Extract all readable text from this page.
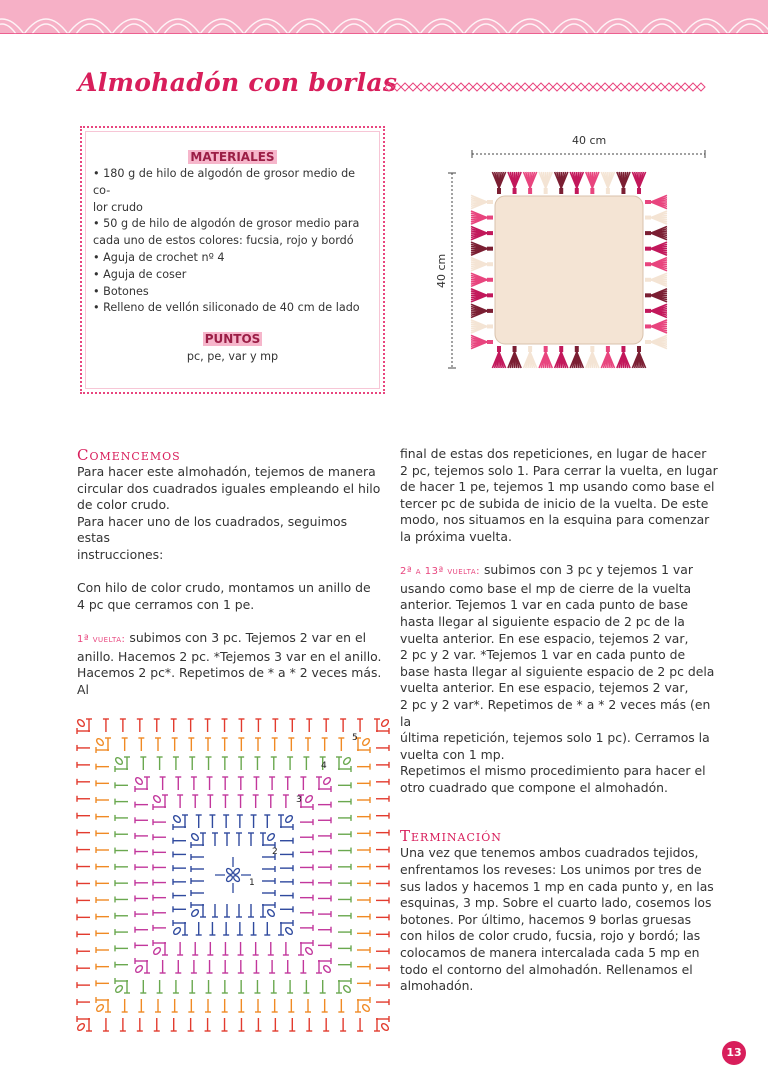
Almohadón con borlas
MATERIALES
• 180 g de hilo de algodón de grosor medio de co-
lor crudo
• 50 g de hilo de algodón de grosor medio para
cada uno de estos colores: fucsia, rojo y bordó
• Aguja de crochet nº 4
• Aguja de coser
• Botones
• Relleno de vellón siliconado de 40 cm de lado
PUNTOS
pc, pe, var y mp
40 cm
40 cm
Comencemos

Para hacer este almohadón, tejemos de manera
circular dos cuadrados iguales empleando el hilo
de color crudo.

Para hacer uno de los cuadrados, seguimos estas
instrucciones:

Con hilo de color crudo, montamos un anillo de
4 pc que cerramos con 1 pe.

1ª vuelta: subimos con 3 pc. Tejemos 2 var en el
anillo. Hacemos 2 pc. *Tejemos 3 var en el anillo.
Hacemos 2 pc*. Repetimos de * a * 2 veces más. Al

final de estas dos repeticiones, en lugar de hacer
2 pc, tejemos solo 1. Para cerrar la vuelta, en lugar
de hacer 1 pe, tejemos 1 mp usando como base el
tercer pc de subida de inicio de la vuelta. De este
modo, nos situamos en la esquina para comenzar
la próxima vuelta.

2ª a 13ª vuelta: subimos con 3 pc y tejemos 1 var
usando como base el mp de cierre de la vuelta
anterior. Tejemos 1 var en cada punto de base
hasta llegar al siguiente espacio de 2 pc de la
vuelta anterior. En ese espacio, tejemos 2 var,
2 pc y 2 var. *Tejemos 1 var en cada punto de
base hasta llegar al siguiente espacio de 2 pc dela
vuelta anterior. En ese espacio, tejemos 2 var,
2 pc y 2 var*. Repetimos de * a * 2 veces más (en la
última repetición, tejemos solo 1 pc). Cerramos la
vuelta con 1 mp.

Repetimos el mismo procedimiento para hacer el
otro cuadrado que compone el almohadón.

Terminación

Una vez que tenemos ambos cuadrados tejidos,
enfrentamos los reveses: Los unimos por tres de
sus lados y hacemos 1 mp en cada punto y, en las
esquinas, 3 mp. Sobre el cuarto lado, cosemos los
botones. Por último, hacemos 9 borlas gruesas
con hilos de color crudo, fucsia, rojo y bordó; las
colocamos de manera intercalada cada 5 mp en
todo el contorno del almohadón. Rellenamos el
almohadón.

1
2
3
4
5
13
